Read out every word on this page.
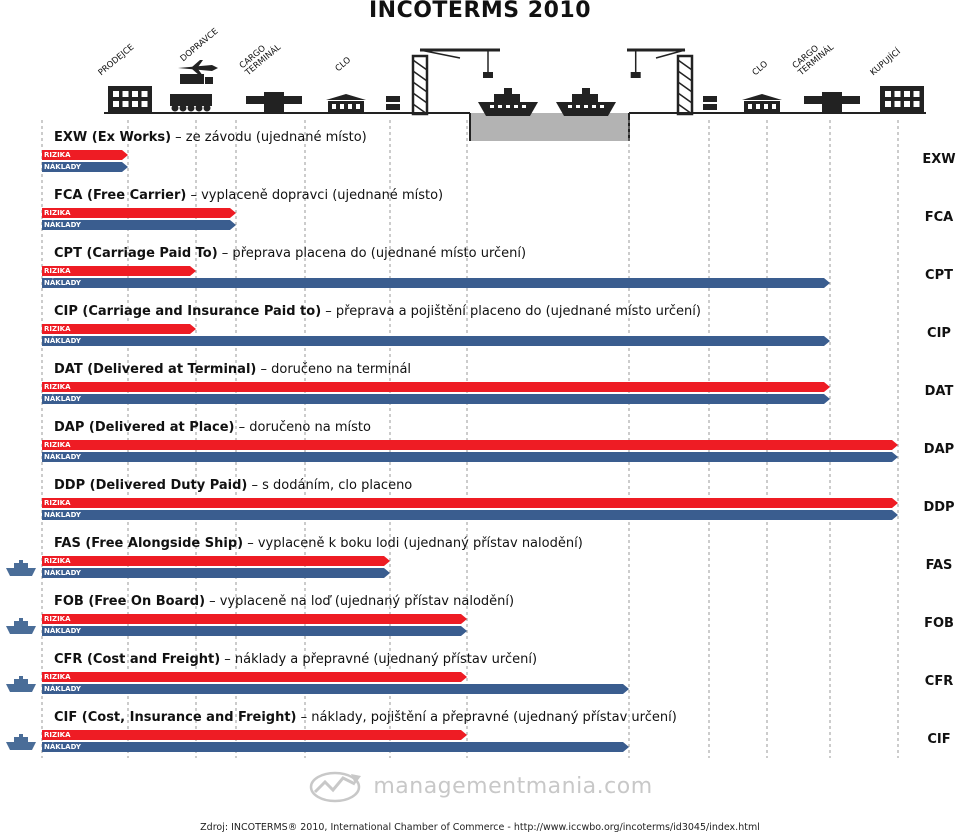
INCOTERMS 2010
PRODEJCE	DOPRAVCE CARGO
TERMINÁL	CLO	CLO CARGO
TERMINÁL	KUPUJÍCÍ
EXW (Ex Works) – ze závodu (ujednané místo)
EXW
RIZIKA
NÁKLADY
FCA (Free Carrier) – vyplaceně dopravci (ujednané místo)
FCA
RIZIKA
NÁKLADY
CPT (Carriage Paid To) – přeprava placena do (ujednané místo určení)
CPT
RIZIKA
NÁKLADY
CIP (Carriage and Insurance Paid to) – přeprava a pojištění placeno do (ujednané místo určení)
CIP
RIZIKA
NÁKLADY
DAT (Delivered at Terminal) – doručeno na terminál
DAT
RIZIKA
NÁKLADY
DAP (Delivered at Place) – doručeno na místo
DAP
RIZIKA
NÁKLADY
DDP (Delivered Duty Paid) – s dodáním, clo placeno
DDP
RIZIKA
NÁKLADY
FAS (Free Alongside Ship) – vyplaceně k boku lodi (ujednaný přístav nalodění)
FAS
RIZIKA
NÁKLADY
FOB (Free On Board) – vyplaceně na loď (ujednaný přístav nalodění)
FOB
RIZIKA
NÁKLADY
CFR (Cost and Freight) – náklady a přepravné (ujednaný přístav určení)
CFR
RIZIKA
NÁKLADY
CIF (Cost, Insurance and Freight) – náklady, pojištění a přepravné (ujednaný přístav určení)
CIF
RIZIKA
NÁKLADY
managementmania.com
Zdroj: INCOTERMS® 2010, International Chamber of Commerce - http://www.iccwbo.org/incoterms/id3045/index.html
